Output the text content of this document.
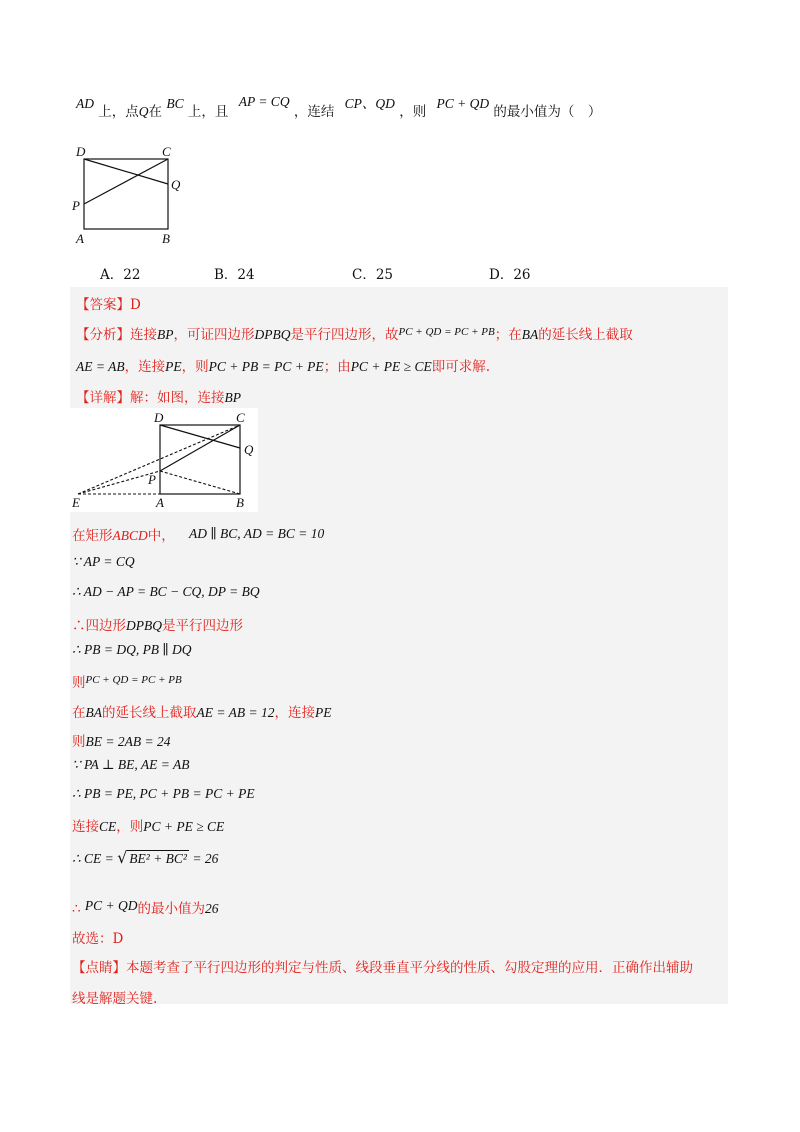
AD 上，点Q在 BC 上，且 AP = CQ ，连结 CP、QD ，则 PC + QD 的最小值为（　）
D	C
Q
P
A	B
A．22	B．24	C．25	D．26
【答案】D
【分析】连接BP，可证四边形DPBQ是平行四边形，故$^{PC + QD = PC + PB}$；在BA的延长线上截取
AE = AB，连接PE，则PC + PB = PC + PE；由PC + PE ≥ CE即可求解.
【详解】解：如图，连接BP
D	C
Q
P
E	A	B
在矩形ABCD中， AD ∥ BC, AD = BC = 10
∵ AP = CQ
∴ AD − AP = BC − CQ, DP = BQ
∴四边形DPBQ是平行四边形
∴ PB = DQ, PB ∥ DQ
则$^{PC + QD = PC + PB}$
在BA的延长线上截取AE = AB = 12，连接PE
则BE = 2AB = 24
∵ PA ⊥ BE, AE = AB
∴ PB = PE, PC + PB = PC + PE
连接CE，则PC + PE ≥ CE
∴ CE = √ BE² + BC² = 26
∴ PC + QD的最小值为26
故选：D
【点睛】本题考查了平行四边形的判定与性质、线段垂直平分线的性质、勾股定理的应用．正确作出辅助
线是解题关键.
